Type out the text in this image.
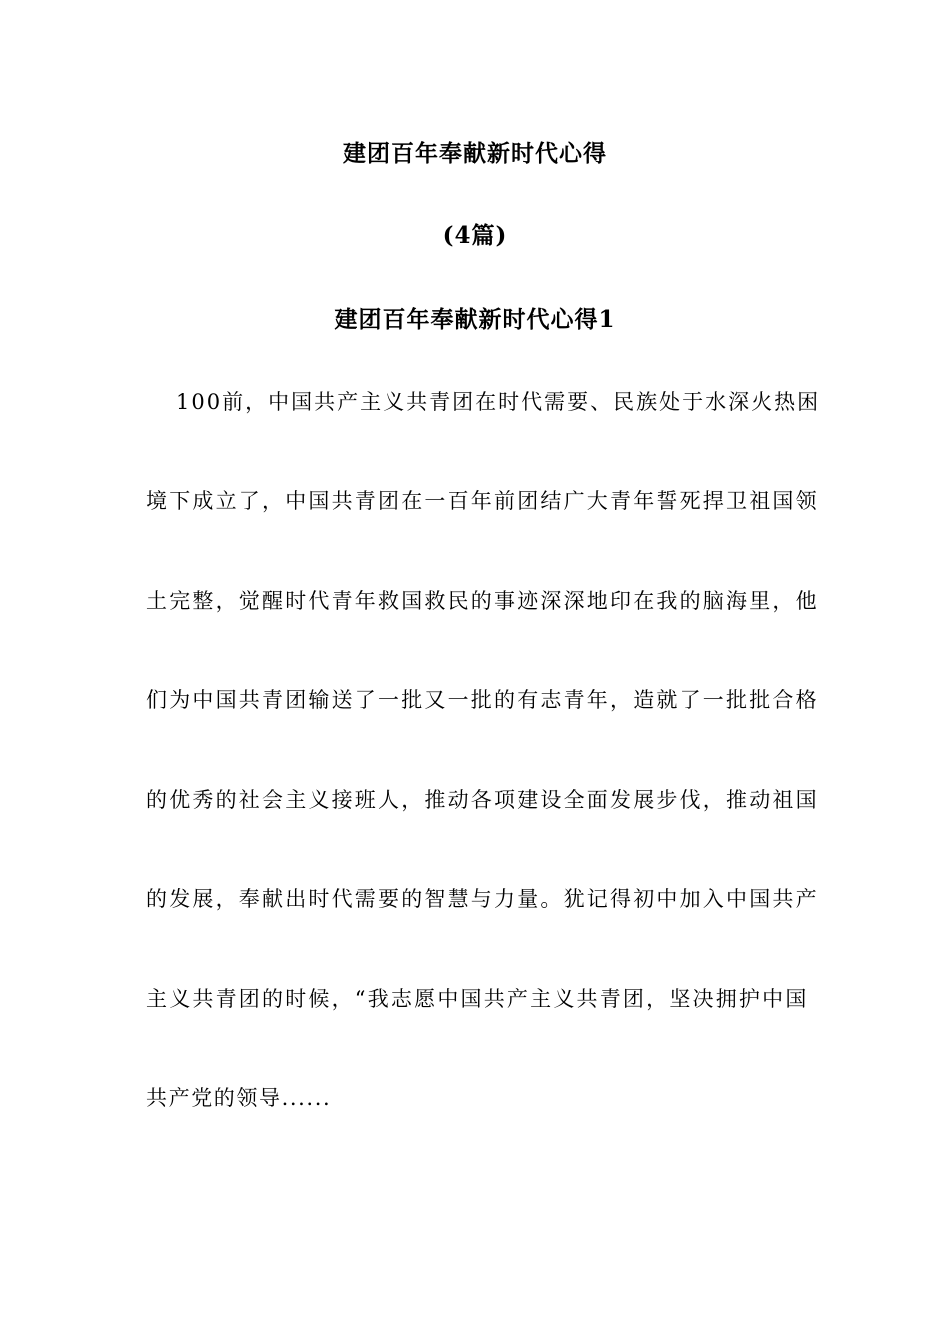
建团百年奉献新时代心得
(4篇)
建团百年奉献新时代心得1
100前，中国共产主义共青团在时代需要、民族处于水深火热困
境下成立了，中国共青团在一百年前团结广大青年誓死捍卫祖国领
土完整，觉醒时代青年救国救民的事迹深深地印在我的脑海里，他
们为中国共青团输送了一批又一批的有志青年，造就了一批批合格
的优秀的社会主义接班人，推动各项建设全面发展步伐，推动祖国
的发展，奉献出时代需要的智慧与力量。犹记得初中加入中国共产
主义共青团的时候，“我志愿中国共产主义共青团，坚决拥护中国
共产党的领导......
